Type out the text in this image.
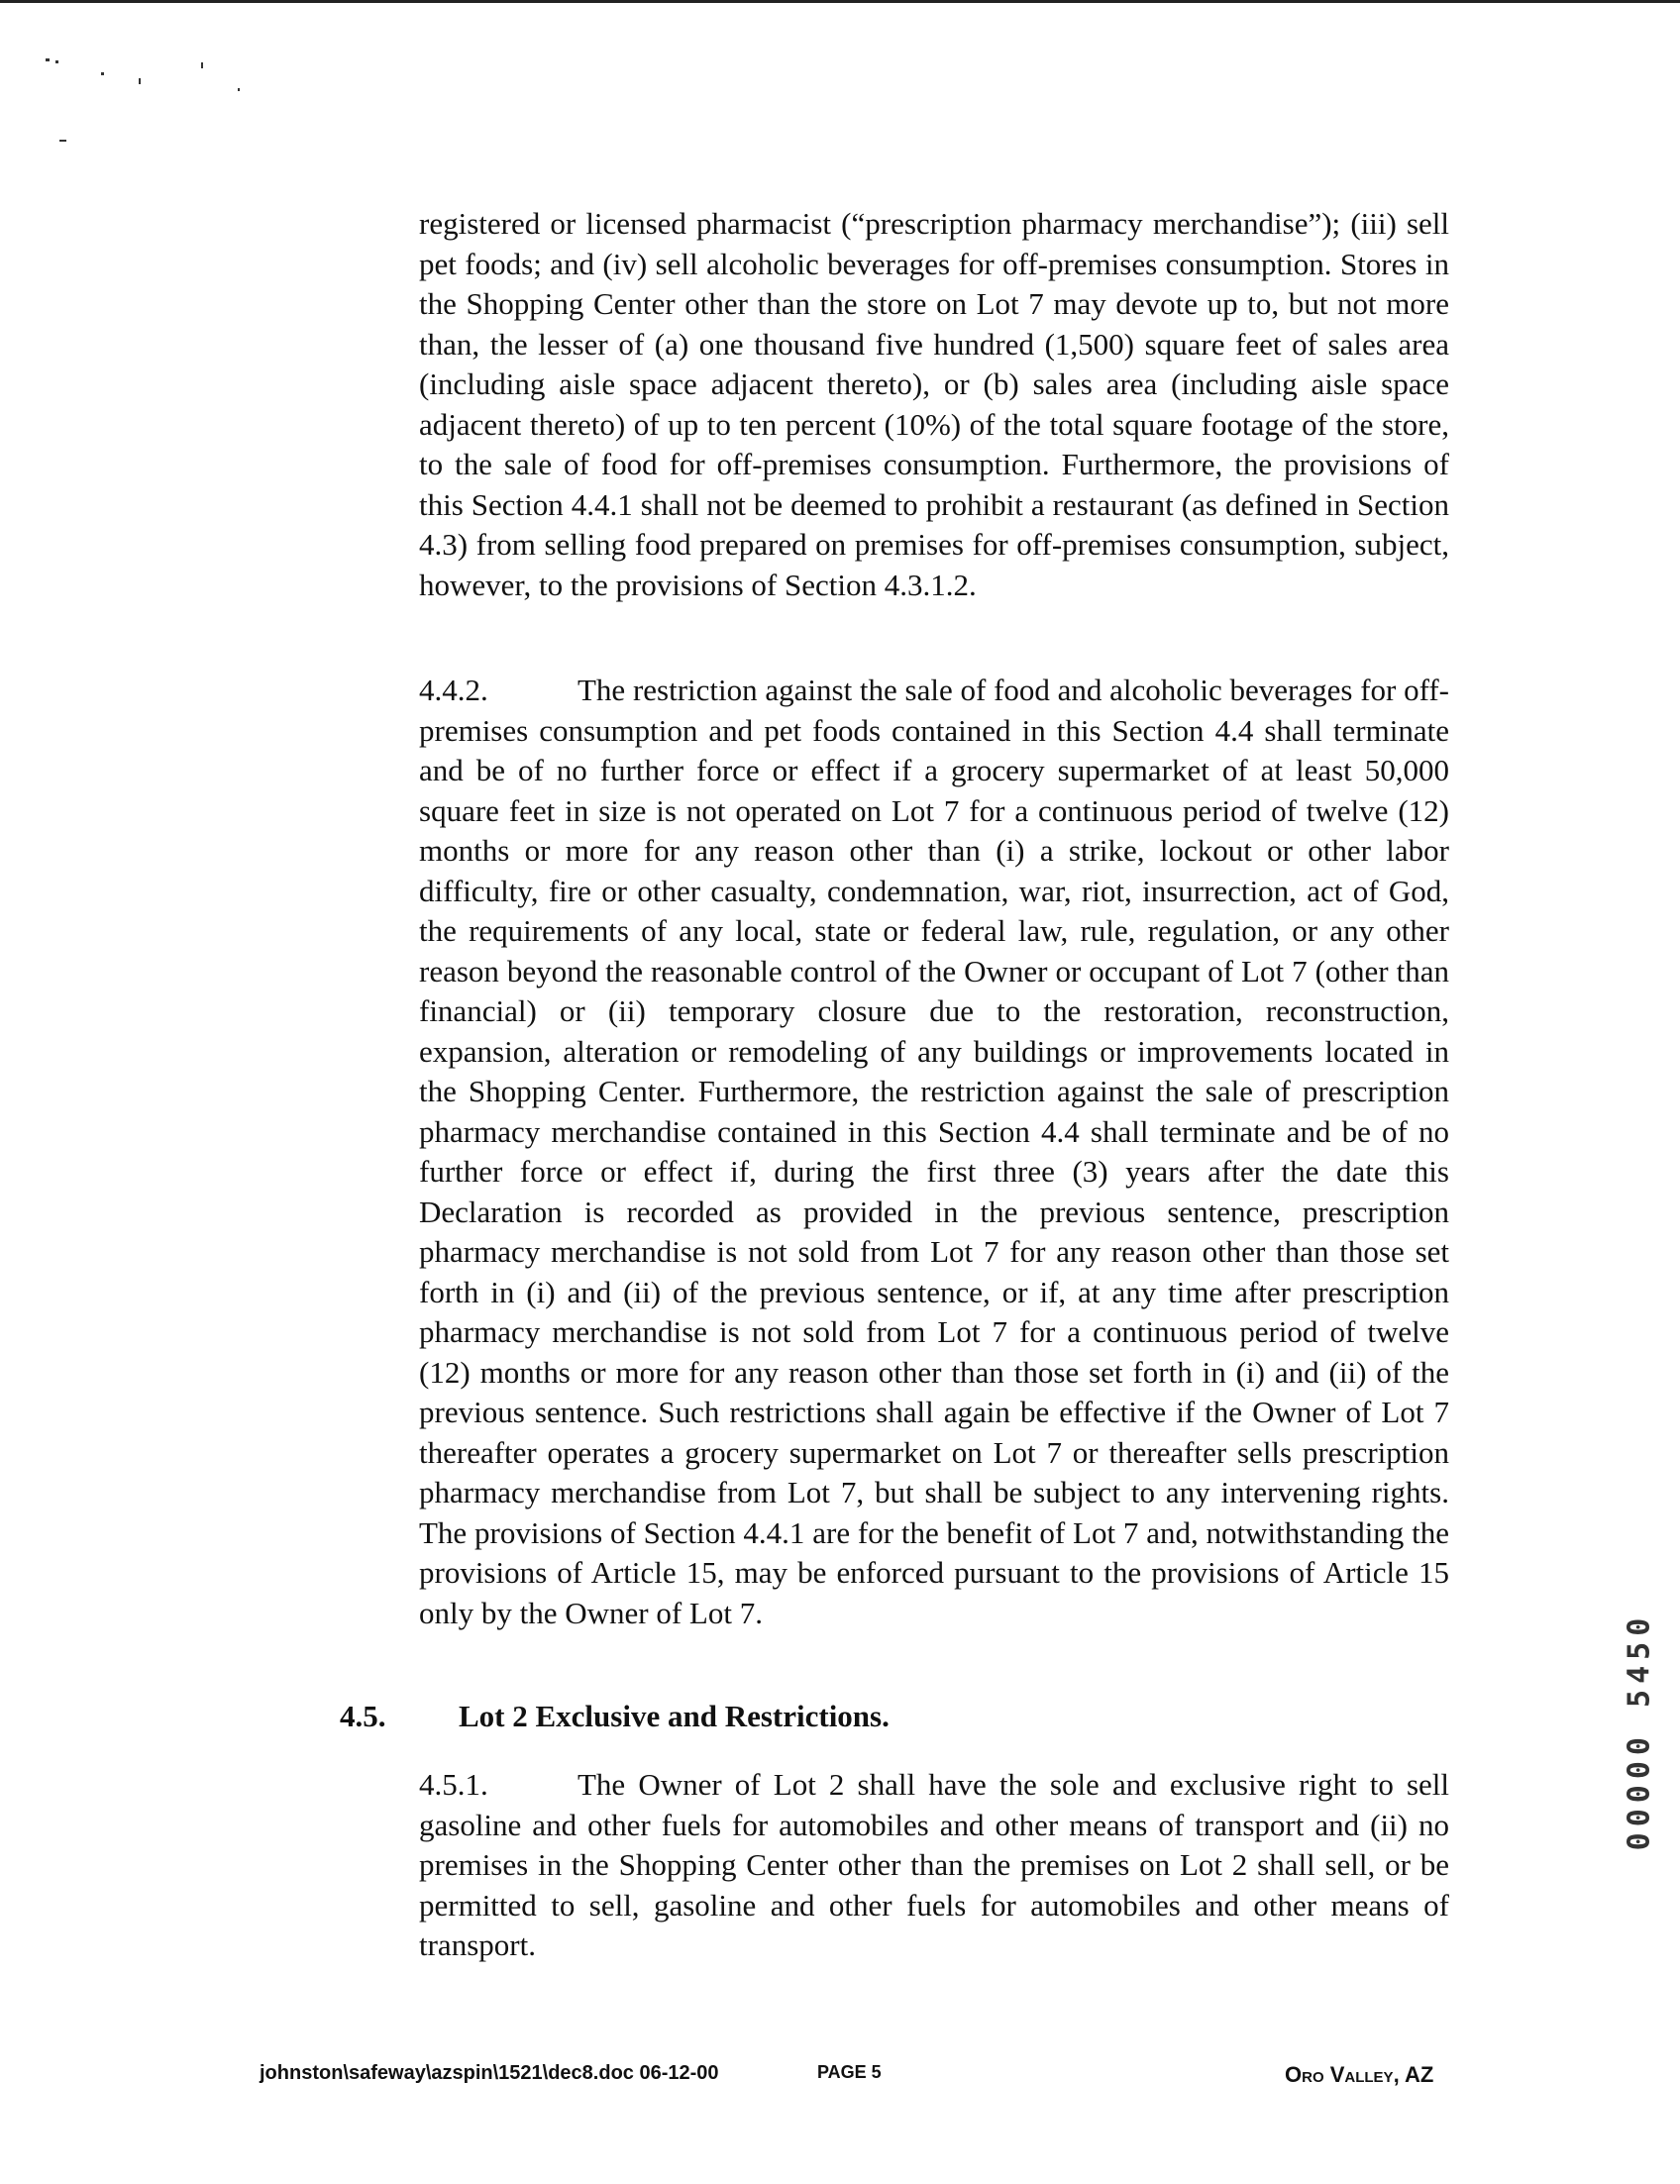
registered or licensed pharmacist (“prescription pharmacy merchandise”); (iii) sell pet foods; and (iv) sell alcoholic beverages for off-premises consumption. Stores in the Shopping Center other than the store on Lot 7 may devote up to, but not more than, the lesser of (a) one thousand five hundred (1,500) square feet of sales area (including aisle space adjacent thereto), or (b) sales area (including aisle space adjacent thereto) of up to ten percent (10%) of the total square footage of the store, to the sale of food for off-premises consumption. Furthermore, the provisions of this Section 4.4.1 shall not be deemed to prohibit a restaurant (as defined in Section 4.3) from selling food prepared on premises for off-premises consumption, subject, however, to the provisions of Section 4.3.1.2.

4.4.2.	The restriction against the sale of food and alcoholic beverages for off-premises consumption and pet foods contained in this Section 4.4 shall terminate and be of no further force or effect if a grocery supermarket of at least 50,000 square feet in size is not operated on Lot 7 for a continuous period of twelve (12) months or more for any reason other than (i) a strike, lockout or other labor difficulty, fire or other casualty, condemnation, war, riot, insurrection, act of God, the requirements of any local, state or federal law, rule, regulation, or any other reason beyond the reasonable control of the Owner or occupant of Lot 7 (other than financial) or (ii) temporary closure due to the restoration, reconstruction, expansion, alteration or remodeling of any buildings or improvements located in the Shopping Center. Furthermore, the restriction against the sale of prescription pharmacy merchandise contained in this Section 4.4 shall terminate and be of no further force or effect if, during the first three (3) years after the date this Declaration is recorded as provided in the previous sentence, prescription pharmacy merchandise is not sold from Lot 7 for any reason other than those set forth in (i) and (ii) of the previous sentence, or if, at any time after prescription pharmacy merchandise is not sold from Lot 7 for a continuous period of twelve (12) months or more for any reason other than those set forth in (i) and (ii) of the previous sentence. Such restrictions shall again be effective if the Owner of Lot 7 thereafter operates a grocery supermarket on Lot 7 or thereafter sells prescription pharmacy merchandise from Lot 7, but shall be subject to any intervening rights. The provisions of Section 4.4.1 are for the benefit of Lot 7 and, notwithstanding the provisions of Article 15, may be enforced pursuant to the provisions of Article 15 only by the Owner of Lot 7.

4.5. Lot 2 Exclusive and Restrictions.

4.5.1.	The Owner of Lot 2 shall have the sole and exclusive right to sell gasoline and other fuels for automobiles and other means of transport and (ii) no premises in the Shopping Center other than the premises on Lot 2 shall sell, or be permitted to sell, gasoline and other fuels for automobiles and other means of transport.

00000 5450
johnston\safeway\azspin\1521\dec8.doc 06-12-00	PAGE 5	Oro Valley, AZ
